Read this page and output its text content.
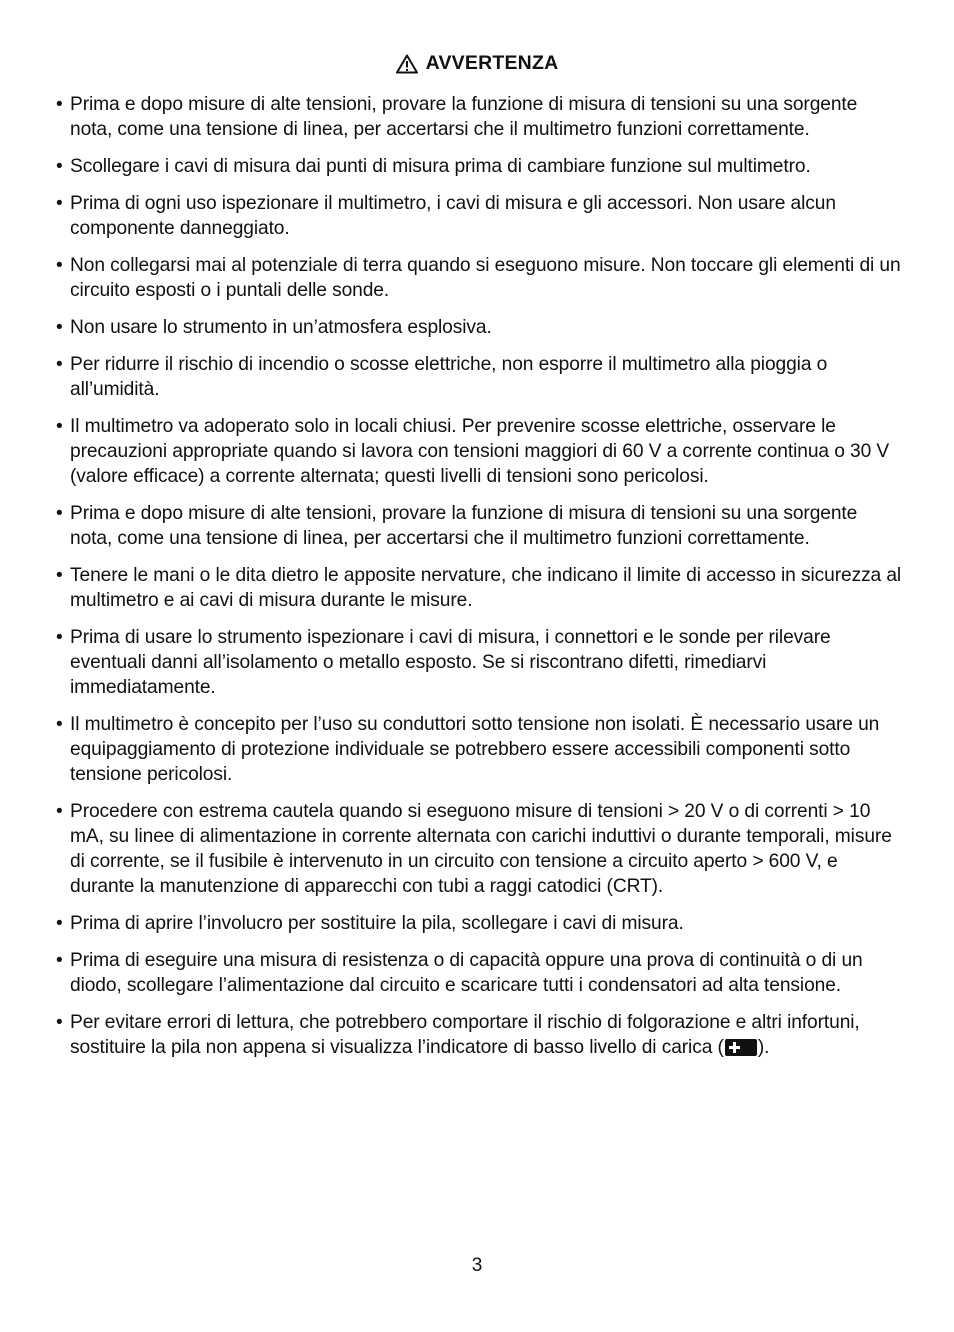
AVVERTENZA
• Prima e dopo misure di alte tensioni, provare la funzione di misura di tensioni su una sorgente nota, come una tensione di linea, per accertarsi che il multimetro funzioni correttamente.
• Scollegare i cavi di misura dai punti di misura prima di cambiare funzione sul multimetro.
• Prima di ogni uso ispezionare il multimetro, i cavi di misura e gli accessori. Non usare alcun componente danneggiato.
• Non collegarsi mai al potenziale di terra quando si eseguono misure. Non toccare gli elementi di un circuito esposti o i puntali delle sonde.
• Non usare lo strumento in un’atmosfera esplosiva.
• Per ridurre il rischio di incendio o scosse elettriche, non esporre il multimetro alla pioggia o all’umidità.
• Il multimetro va adoperato solo in locali chiusi. Per prevenire scosse elettriche, osservare le precauzioni appropriate quando si lavora con tensioni maggiori di 60 V a corrente continua o 30 V (valore efficace) a corrente alternata; questi livelli di tensioni sono pericolosi.
• Prima e dopo misure di alte tensioni, provare la funzione di misura di tensioni su una sorgente nota, come una tensione di linea, per accertarsi che il multimetro funzioni correttamente.
• Tenere le mani o le dita dietro le apposite nervature, che indicano il limite di accesso in sicurezza al multimetro e ai cavi di misura durante le misure.
• Prima di usare lo strumento ispezionare i cavi di misura, i connettori e le sonde per rilevare eventuali danni all’isolamento o metallo esposto. Se si riscontrano difetti, rimediarvi immediatamente.
• Il multimetro è concepito per l’uso su conduttori sotto tensione non isolati. È necessario usare un equipaggiamento di protezione individuale se potrebbero essere accessibili componenti sotto tensione pericolosi.
• Procedere con estrema cautela quando si eseguono misure di tensioni > 20 V o di correnti > 10 mA, su linee di alimentazione in corrente alternata con carichi induttivi o durante temporali, misure di corrente, se il fusibile è intervenuto in un circuito con tensione a circuito aperto > 600 V, e durante la manutenzione di apparecchi con tubi a raggi catodici (CRT).
• Prima di aprire l’involucro per sostituire la pila, scollegare i cavi di misura.
• Prima di eseguire una misura di resistenza o di capacità oppure una prova di continuità o di un diodo, scollegare l’alimentazione dal circuito e scaricare tutti i condensatori ad alta tensione.
• Per evitare errori di lettura, che potrebbero comportare il rischio di folgorazione e altri infortuni, sostituire la pila non appena si visualizza l’indicatore di basso livello di carica ( ).
3
